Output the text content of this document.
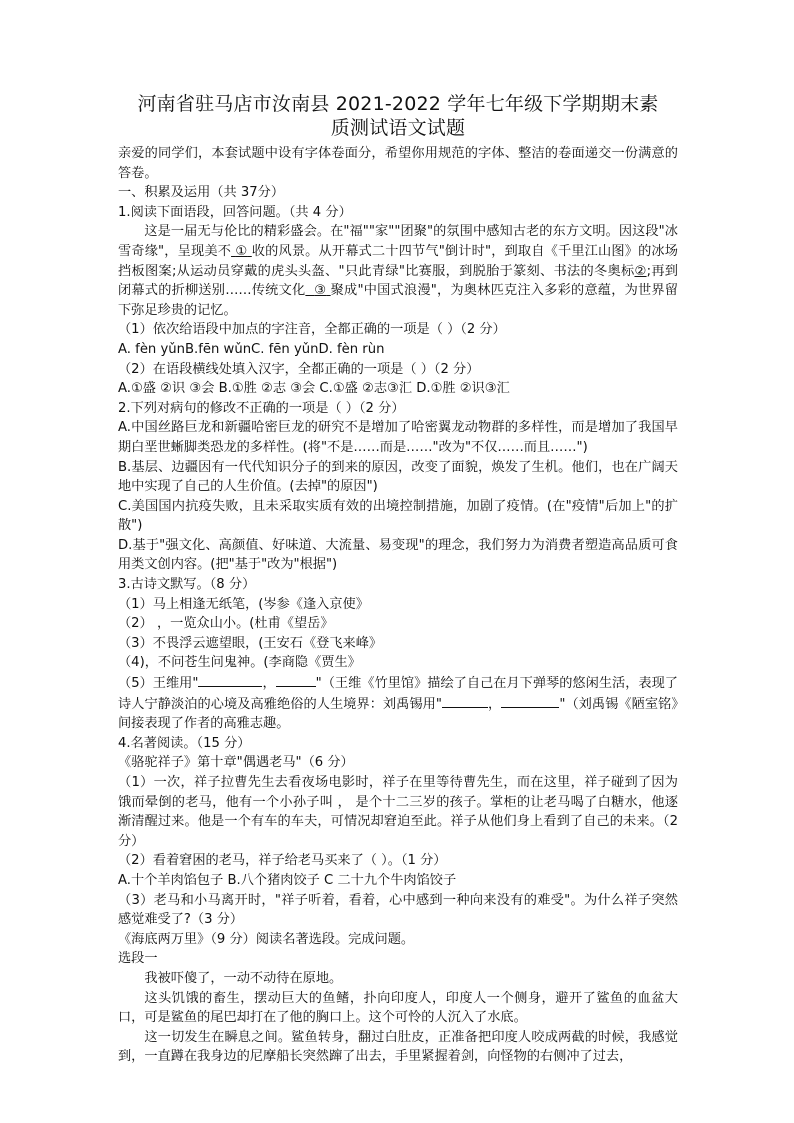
河南省驻马店市汝南县 2021-2022 学年七年级下学期期末素
质测试语文试题

亲爱的同学们，本套试题中设有字体卷面分，希望你用规范的字体、整洁的卷面递交一份满意的答卷。

一、积累及运用（共 37分）

1.阅读下面语段，回答问题。（共 4 分）

这是一届无与伦比的精彩盛会。在"福""家""团聚"的氛围中感知古老的东方文明。因这段"冰雪奇缘"，呈现美不 ① 收的风景。从开幕式二十四节气"倒计时"，到取自《千里江山图》的冰场挡板图案;从运动员穿戴的虎头头盔、"只此青绿"比赛服，到脱胎于篆刻、书法的冬奥标②;再到闭幕式的折柳送别……传统文化 ③ 聚成"中国式浪漫"，为奥林匹克注入多彩的意蕴，为世界留下弥足珍贵的记忆。

（1）依次给语段中加点的字注音，全都正确的一项是（ ）（2 分）

A. fèn yǔnB.fēn wǔnC. fēn yǔnD. fèn rùn

（2）在语段横线处填入汉字，全都正确的一项是（ ）（2 分）

A.①盛 ②识 ③会 B.①胜 ②志 ③会 C.①盛 ②志③汇 D.①胜 ②识③汇

2.下列对病句的修改不正确的一项是（ ）（2 分）

A.中国丝路巨龙和新疆哈密巨龙的研究不是增加了哈密翼龙动物群的多样性，而是增加了我国早期白垩世蜥脚类恐龙的多样性。(将"不是……而是……"改为"不仅……而且……")

B.基层、边疆因有一代代知识分子的到来的原因，改变了面貌，焕发了生机。他们，也在广阔天地中实现了自己的人生价值。(去掉"的原因")

C.美国国内抗疫失败，且未采取实质有效的出境控制措施，加剧了疫情。(在"疫情"后加上"的扩散")

D.基于"强文化、高颜值、好味道、大流量、易变现"的理念，我们努力为消费者塑造高品质可食用类文创内容。(把"基于"改为"根据")

3.古诗文默写。（8 分）

（1）马上相逢无纸笔，(岑参《逢入京使》

（2） ，一览众山小。(杜甫《望岳》

（3）不畏浮云遮望眼，(王安石《登飞来峰》

（4)，不问苍生问鬼神。(李商隐《贾生》

（5）王维用"	，	"（王维《竹里馆》描绘了自己在月下弹琴的悠闲生活，表现了诗人宁静淡泊的心境及高雅绝俗的人生境界：刘禹锡用"	，	"（刘禹锡《陋室铭》间接表现了作者的高雅志趣。

4.名著阅读。（15 分）

《骆驼祥子》第十章"偶遇老马"（6 分）

（1）一次，祥子拉曹先生去看夜场电影时，祥子在里等待曹先生，而在这里，祥子碰到了因为饿而晕倒的老马，他有一个小孙子叫 ， 是个十二三岁的孩子。掌柜的让老马喝了白糖水，他逐渐清醒过来。他是一个有车的车夫，可情况却窘迫至此。祥子从他们身上看到了自己的未来。（2 分）

（2）看着窘困的老马，祥子给老马买来了（ ）。（1 分）

A.十个羊肉馅包子 B.八个猪肉饺子 C 二十九个牛肉馅饺子

（3）老马和小马离开时，"祥子听着，看着，心中感到一种向来没有的难受"。为什么祥子突然感觉难受了?（3 分）

《海底两万里》（9 分）阅读名著选段。完成问题。

选段一

我被吓傻了，一动不动待在原地。

这头饥饿的畜生，摆动巨大的鱼鳍，扑向印度人，印度人一个侧身，避开了鲨鱼的血盆大口，可是鲨鱼的尾巴却打在了他的胸口上。这个可怜的人沉入了水底。

这一切发生在瞬息之间。鲨鱼转身，翻过白肚皮，正准备把印度人咬成两截的时候，我感觉到，一直蹲在我身边的尼摩船长突然蹿了出去，手里紧握着剑，向怪物的右侧冲了过去，
